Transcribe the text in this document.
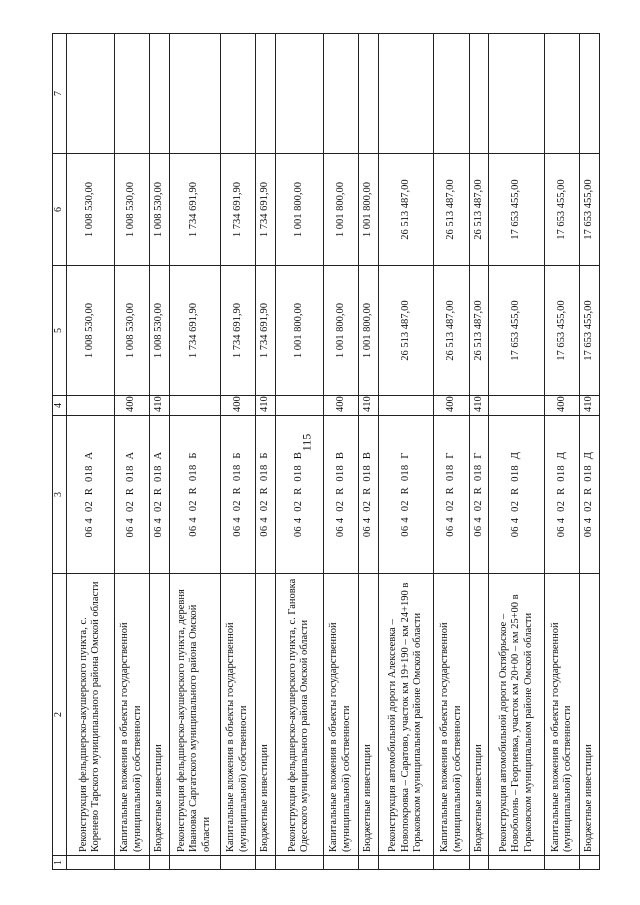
115
1	2	3	4	5	6	7
	Реконструкция фельдшерско-акушерского пункта, с. Коренево Тарского муниципального района Омской области	06 4  02  R  018  А		1 008 530,00	1 008 530,00	
	Капитальные вложения в объекты государственной (муниципальной) собственности	06 4  02  R  018  А	400	1 008 530,00	1 008 530,00	
	Бюджетные инвестиции	06 4  02  R  018  А	410	1 008 530,00	1 008 530,00	
	Реконструкция фельдшерско-акушерского пункта, деревня Ивановка Саргатского муниципального района Омской области	06 4  02  R  018  Б		1 734 691,90	1 734 691,90	
	Капитальные вложения в объекты государственной (муниципальной) собственности	06 4  02  R  018  Б	400	1 734 691,90	1 734 691,90	
	Бюджетные инвестиции	06 4  02  R  018  Б	410	1 734 691,90	1 734 691,90	
	Реконструкция фельдшерско-акушерского пункта, с. Гановка Одесского муниципального района Омской области	06 4  02  R  018  В		1 001 800,00	1 001 800,00	
	Капитальные вложения в объекты государственной (муниципальной) собственности	06 4  02  R  018  В	400	1 001 800,00	1 001 800,00	
	Бюджетные инвестиции	06 4  02  R  018  В	410	1 001 800,00	1 001 800,00	
	Реконструкция автомобильной дороги Алексеевка – Новопокровка – Саратово, участок км 19+190 – км 24+190 в Горьковском муниципальном районе Омской области	06 4  02  R  018  Г		26 513 487,00	26 513 487,00	
	Капитальные вложения в объекты государственной (муниципальной) собственности	06 4  02  R  018  Г	400	26 513 487,00	26 513 487,00	
	Бюджетные инвестиции	06 4  02  R  018  Г	410	26 513 487,00	26 513 487,00	
	Реконструкция автомобильной дороги Октябрьское – Новоболонь – Георгиевка, участок км 20+00 – км 25+00 в Горьковском муниципальном районе Омской области	06 4  02  R  018  Д		17 653 455,00	17 653 455,00	
	Капитальные вложения в объекты государственной (муниципальной) собственности	06 4  02  R  018  Д	400	17 653 455,00	17 653 455,00	
	Бюджетные инвестиции	06 4  02  R  018  Д	410	17 653 455,00	17 653 455,00	
